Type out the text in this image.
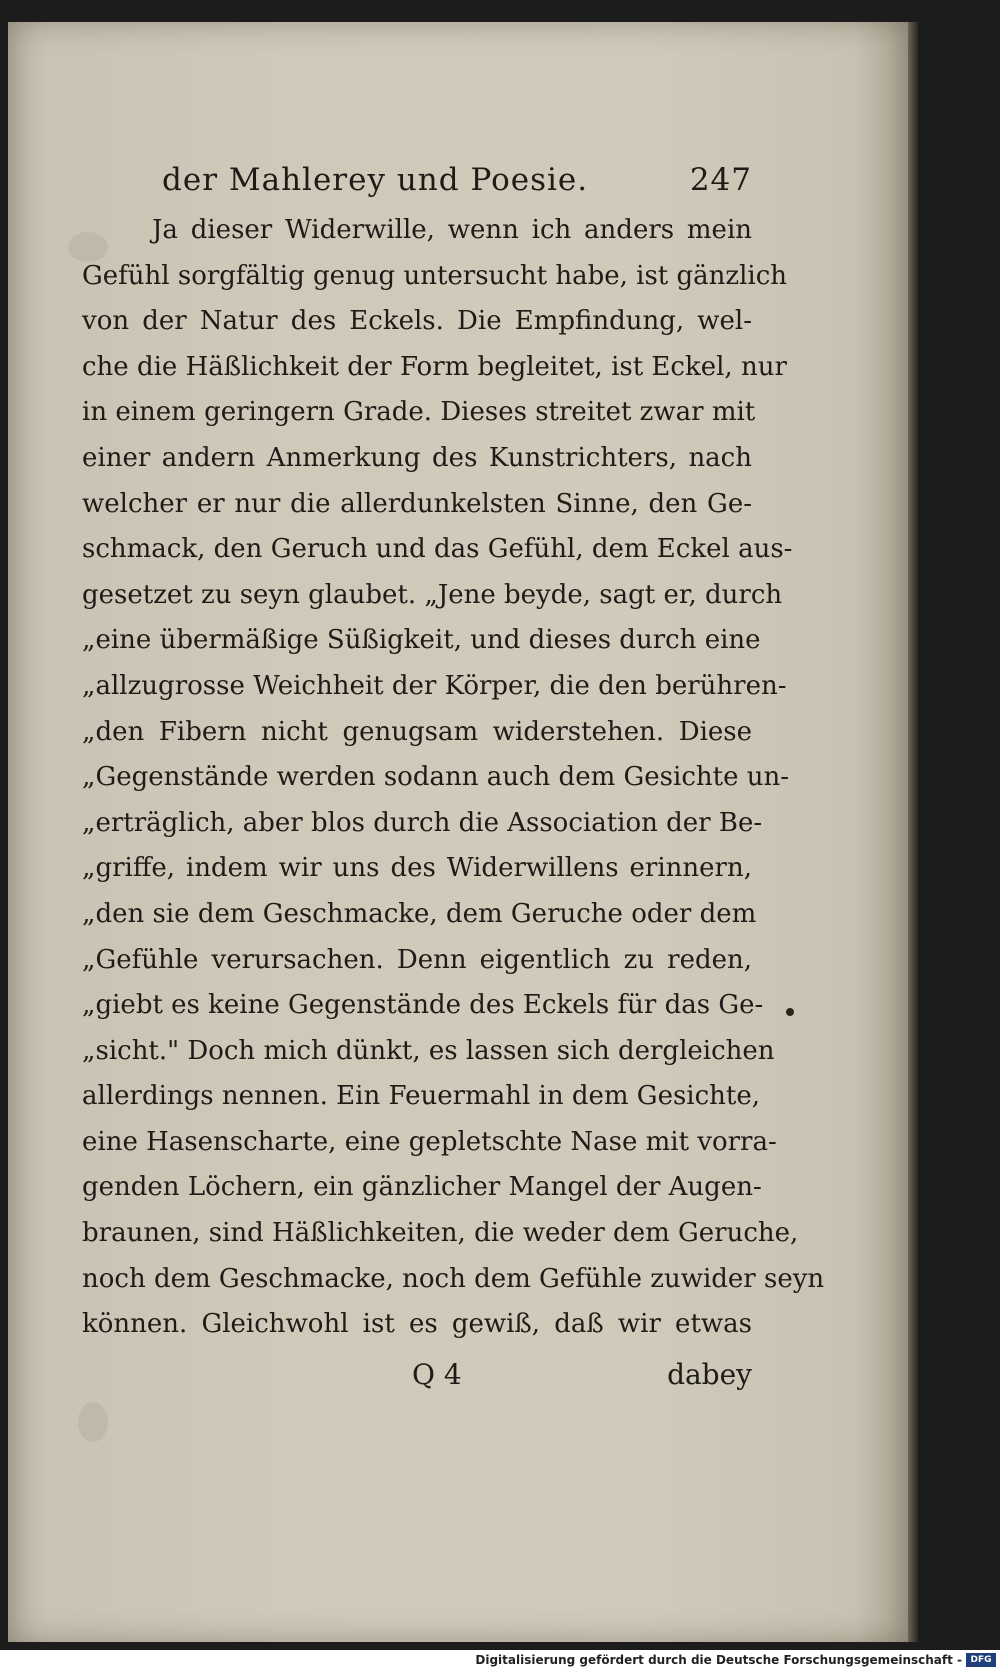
der Mahlerey und Poesie.	247
Ja dieser Widerwille, wenn ich anders mein
Gefühl sorgfältig genug untersucht habe, ist gänzlich
von der Natur des Eckels. Die Empfindung, wel-
che die Häßlichkeit der Form begleitet, ist Eckel, nur
in einem geringern Grade. Dieses streitet zwar mit
einer andern Anmerkung des Kunstrichters, nach
welcher er nur die allerdunkelsten Sinne, den Ge-
schmack, den Geruch und das Gefühl, dem Eckel aus-
gesetzet zu seyn glaubet. „Jene beyde, sagt er, durch
„eine übermäßige Süßigkeit, und dieses durch eine
„allzugrosse Weichheit der Körper, die den berühren-
„den Fibern nicht genugsam widerstehen. Diese
„Gegenstände werden sodann auch dem Gesichte un-
„erträglich, aber blos durch die Association der Be-
„griffe, indem wir uns des Widerwillens erinnern,
„den sie dem Geschmacke, dem Geruche oder dem
„Gefühle verursachen. Denn eigentlich zu reden,
„giebt es keine Gegenstände des Eckels für das Ge-
„sicht." Doch mich dünkt, es lassen sich dergleichen
allerdings nennen. Ein Feuermahl in dem Gesichte,
eine Hasenscharte, eine gepletschte Nase mit vorra-
genden Löchern, ein gänzlicher Mangel der Augen-
braunen, sind Häßlichkeiten, die weder dem Geruche,
noch dem Geschmacke, noch dem Gefühle zuwider seyn
können. Gleichwohl ist es gewiß, daß wir etwas
Q 4	dabey
Digitalisierung gefördert durch die Deutsche Forschungsgemeinschaft - DFG
